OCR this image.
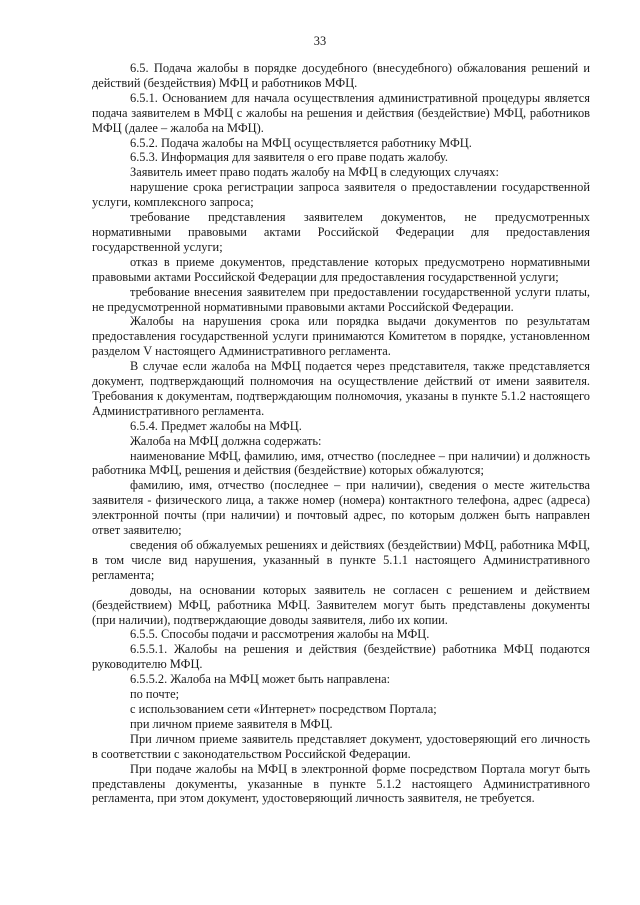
33

6.5. Подача жалобы в порядке досудебного (внесудебного) обжалования решений и действий (бездействия) МФЦ и работников МФЦ.

6.5.1. Основанием для начала осуществления административной процедуры является подача заявителем в МФЦ с жалобы на решения и действия (бездействие) МФЦ, работников МФЦ (далее – жалоба на МФЦ).

6.5.2. Подача жалобы на МФЦ осуществляется работнику МФЦ.

6.5.3. Информация для заявителя о его праве подать жалобу.

Заявитель имеет право подать жалобу на МФЦ в следующих случаях:

нарушение срока регистрации запроса заявителя о предоставлении государственной услуги, комплексного запроса;

требование представления заявителем документов, не предусмотренных нормативными правовыми актами Российской Федерации для предоставления государственной услуги;

отказ в приеме документов, представление которых предусмотрено нормативными правовыми актами Российской Федерации для предоставления государственной услуги;

требование внесения заявителем при предоставлении государственной услуги платы, не предусмотренной нормативными правовыми актами Российской Федерации.

Жалобы на нарушения срока или порядка выдачи документов по результатам предоставления государственной услуги принимаются Комитетом в порядке, установленном разделом V настоящего Административного регламента.

В случае если жалоба на МФЦ подается через представителя, также представляется документ, подтверждающий полномочия на осуществление действий от имени заявителя. Требования к документам, подтверждающим полномочия, указаны в пункте 5.1.2 настоящего Административного регламента.

6.5.4. Предмет жалобы на МФЦ.

Жалоба на МФЦ должна содержать:

наименование МФЦ, фамилию, имя, отчество (последнее – при наличии) и должность работника МФЦ, решения и действия (бездействие) которых обжалуются;

фамилию, имя, отчество (последнее – при наличии), сведения о месте жительства заявителя - физического лица, а также номер (номера) контактного телефона, адрес (адреса) электронной почты (при наличии) и почтовый адрес, по которым должен быть направлен ответ заявителю;

сведения об обжалуемых решениях и действиях (бездействии) МФЦ, работника МФЦ, в том числе вид нарушения, указанный в пункте 5.1.1 настоящего Административного регламента;

доводы, на основании которых заявитель не согласен с решением и действием (бездействием) МФЦ, работника МФЦ. Заявителем могут быть представлены документы (при наличии), подтверждающие доводы заявителя, либо их копии.

6.5.5. Способы подачи и рассмотрения жалобы на МФЦ.

6.5.5.1. Жалобы на решения и действия (бездействие) работника МФЦ подаются руководителю МФЦ.

6.5.5.2. Жалоба на МФЦ может быть направлена:

по почте;

с использованием сети «Интернет» посредством Портала;

при личном приеме заявителя в МФЦ.

При личном приеме заявитель представляет документ, удостоверяющий его личность в соответствии с законодательством Российской Федерации.

При подаче жалобы на МФЦ в электронной форме посредством Портала могут быть представлены документы, указанные в пункте 5.1.2 настоящего Административного регламента, при этом документ, удостоверяющий личность заявителя, не требуется.
